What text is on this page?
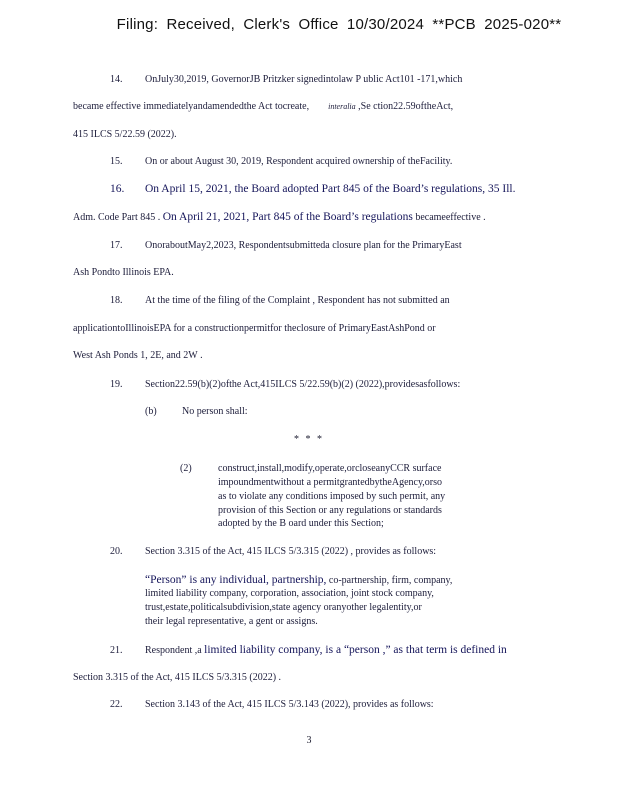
Filing: Received, Clerk's Office 10/30/2024 **PCB 2025-020**
14. OnJuly30,2019, GovernorJB Pritzker signedintolaw P ublic Act101 -171,which
became effective immediatelyandamendedthe Act tocreate, interalia ,Se ction22.59oftheAct,
415 ILCS 5/22.59 (2022).
15. On or about August 30, 2019, Respondent acquired ownership of theFacility.
16. On April 15, 2021, the Board adopted Part 845 of the Board’s regulations, 35 Ill.
Adm. Code Part 845 . On April 21, 2021, Part 845 of the Board’s regulations becameeffective .
17. OnoraboutMay2,2023, Respondentsubmitteda closure plan for the PrimaryEast
Ash Pondto Illinois EPA.
18. At the time of the filing of the Complaint , Respondent has not submitted an
applicationtoIllinoisEPA for a constructionpermitfor theclosure of PrimaryEastAshPond or
West Ash Ponds 1, 2E, and 2W .
19. Section22.59(b)(2)ofthe Act,415ILCS 5/22.59(b)(2) (2022),providesasfollows:
(b)	No person shall:
* * *
(2)	construct,install,modify,operate,orcloseanyCCR surface
impoundmentwithout a permitgrantedbytheAgency,orso
as to violate any conditions imposed by such permit, any
provision of this Section or any regulations or standards
adopted by the B oard under this Section;
20. Section 3.315 of the Act, 415 ILCS 5/3.315 (2022) , provides as follows:
“Person” is any individual, partnership, co-partnership, firm, company,
limited liability company, corporation, association, joint stock company,
trust,estate,politicalsubdivision,state agency oranyother legalentity,or
their legal representative, a gent or assigns.
21. Respondent ,a limited liability company, is a “person ,” as that term is defined in
Section 3.315 of the Act, 415 ILCS 5/3.315 (2022) .
22. Section 3.143 of the Act, 415 ILCS 5/3.143 (2022), provides as follows:
3
